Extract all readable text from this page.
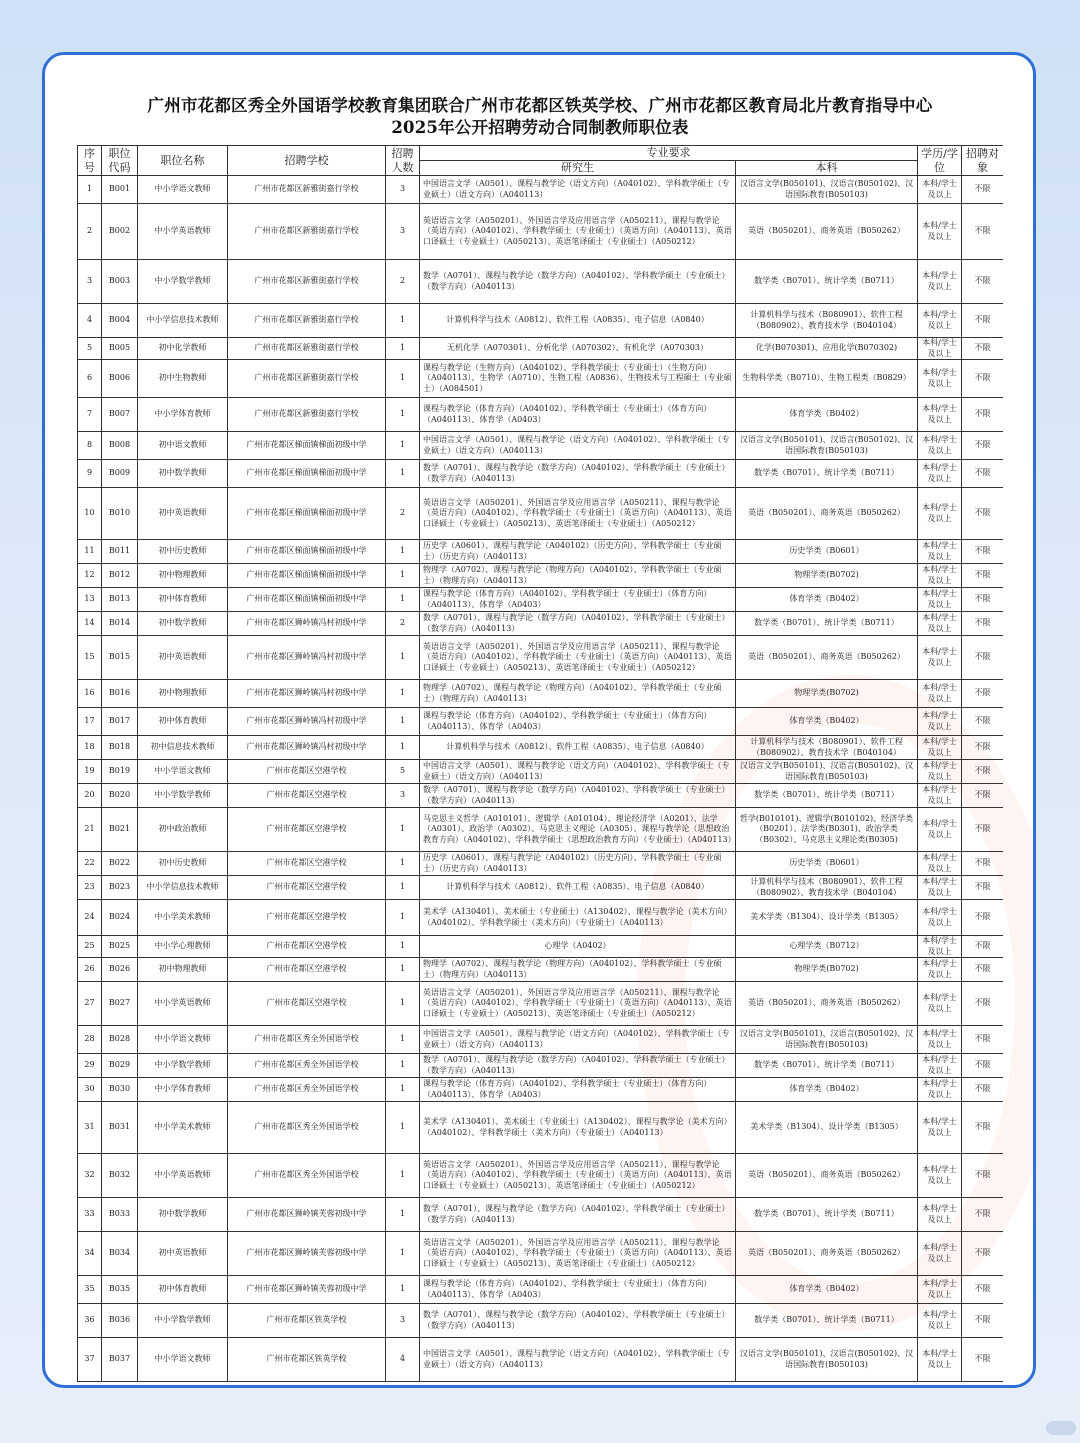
广州市花都区秀全外国语学校教育集团联合广州市花都区铁英学校、广州市花都区教育局北片教育指导中心
2025年公开招聘劳动合同制教师职位表
序号	职位代码	职位名称	招聘学校	招聘人数	专业要求		学历/学位	招聘对象
					研究生	本科		
1	B001	中小学语文教师	广州市花都区新雅街嘉行学校	3	中国语言文学（A0501）、课程与教学论（语文方向）（A040102）、学科教学硕士（专业硕士）（语文方向）（A040113）	汉语言文学(B050101)、汉语言(B050102)、汉语国际教育(B050103)	本科/学士及以上	不限
2	B002	中小学英语教师	广州市花都区新雅街嘉行学校	3	英语语言文学（A050201）、外国语言学及应用语言学（A050211）、课程与教学论（英语方向）（A040102）、学科教学硕士（专业硕士）（英语方向）（A040113）、英语口译硕士（专业硕士）（A050213）、英语笔译硕士（专业硕士）（A050212）	英语（B050201）、商务英语（B050262）	本科/学士及以上	不限
3	B003	中小学数学教师	广州市花都区新雅街嘉行学校	2	数学（A0701）、课程与教学论（数学方向）（A040102）、学科教学硕士（专业硕士）（数学方向）（A040113）	数学类（B0701）、统计学类（B0711）	本科/学士及以上	不限
4	B004	中小学信息技术教师	广州市花都区新雅街嘉行学校	1	计算机科学与技术（A0812）、软件工程（A0835）、电子信息（A0840）	计算机科学与技术（B080901）、软件工程（B080902）、教育技术学（B040104）	本科/学士及以上	不限
5	B005	初中化学教师	广州市花都区新雅街嘉行学校	1	无机化学（A070301）、分析化学（A070302）、有机化学（A070303）	化学(B070301)、应用化学(B070302)	本科/学士及以上	不限
6	B006	初中生物教师	广州市花都区新雅街嘉行学校	1	课程与教学论（生物方向）（A040102）、学科教学硕士（专业硕士）（生物方向）（A040113）、生物学（A0710）、生物工程（A0836）、生物技术与工程硕士（专业硕士）（A084501）	生物科学类（B0710）、生物工程类（B0829）	本科/学士及以上	不限
7	B007	中小学体育教师	广州市花都区新雅街嘉行学校	1	课程与教学论（体育方向）（A040102）、学科教学硕士（专业硕士）（体育方向）（A040113）、体育学（A0403）	体育学类（B0402）	本科/学士及以上	不限
8	B008	初中语文教师	广州市花都区梯面镇梯面初级中学	1	中国语言文学（A0501）、课程与教学论（语文方向）（A040102）、学科教学硕士（专业硕士）（语文方向）（A040113）	汉语言文学(B050101)、汉语言(B050102)、汉语国际教育(B050103)	本科/学士及以上	不限
9	B009	初中数学教师	广州市花都区梯面镇梯面初级中学	1	数学（A0701）、课程与教学论（数学方向）（A040102）、学科教学硕士（专业硕士）（数学方向）（A040113）	数学类（B0701）、统计学类（B0711）	本科/学士及以上	不限
10	B010	初中英语教师	广州市花都区梯面镇梯面初级中学	2	英语语言文学（A050201）、外国语言学及应用语言学（A050211）、课程与教学论（英语方向）（A040102）、学科教学硕士（专业硕士）（英语方向）（A040113）、英语口译硕士（专业硕士）（A050213）、英语笔译硕士（专业硕士）（A050212）	英语（B050201）、商务英语（B050262）	本科/学士及以上	不限
11	B011	初中历史教师	广州市花都区梯面镇梯面初级中学	1	历史学（A0601）、课程与教学论（A040102）（历史方向）、学科教学硕士（专业硕士）（历史方向）（A040113）	历史学类（B0601）	本科/学士及以上	不限
12	B012	初中物理教师	广州市花都区梯面镇梯面初级中学	1	物理学（A0702）、课程与教学论（物理方向）（A040102）、学科教学硕士（专业硕士）（物理方向）（A040113）	物理学类(B0702)	本科/学士及以上	不限
13	B013	初中体育教师	广州市花都区梯面镇梯面初级中学	1	课程与教学论（体育方向）（A040102）、学科教学硕士（专业硕士）（体育方向）（A040113）、体育学（A0403）	体育学类（B0402）	本科/学士及以上	不限
14	B014	初中数学教师	广州市花都区狮岭镇冯村初级中学	2	数学（A0701）、课程与教学论（数学方向）（A040102）、学科教学硕士（专业硕士）（数学方向）（A040113）	数学类（B0701）、统计学类（B0711）	本科/学士及以上	不限
15	B015	初中英语教师	广州市花都区狮岭镇冯村初级中学	1	英语语言文学（A050201）、外国语言学及应用语言学（A050211）、课程与教学论（英语方向）（A040102）、学科教学硕士（专业硕士）（英语方向）（A040113）、英语口译硕士（专业硕士）（A050213）、英语笔译硕士（专业硕士）（A050212）	英语（B050201）、商务英语（B050262）	本科/学士及以上	不限
16	B016	初中物理教师	广州市花都区狮岭镇冯村初级中学	1	物理学（A0702）、课程与教学论（物理方向）（A040102）、学科教学硕士（专业硕士）（物理方向）（A040113）	物理学类(B0702)	本科/学士及以上	不限
17	B017	初中体育教师	广州市花都区狮岭镇冯村初级中学	1	课程与教学论（体育方向）（A040102）、学科教学硕士（专业硕士）（体育方向）（A040113）、体育学（A0403）	体育学类（B0402）	本科/学士及以上	不限
18	B018	初中信息技术教师	广州市花都区狮岭镇冯村初级中学	1	计算机科学与技术（A0812）、软件工程（A0835）、电子信息（A0840）	计算机科学与技术（B080901）、软件工程（B080902）、教育技术学（B040104）	本科/学士及以上	不限
19	B019	中小学语文教师	广州市花都区空港学校	5	中国语言文学（A0501）、课程与教学论（语文方向）（A040102）、学科教学硕士（专业硕士）（语文方向）（A040113）	汉语言文学(B050101)、汉语言(B050102)、汉语国际教育(B050103)	本科/学士及以上	不限
20	B020	中小学数学教师	广州市花都区空港学校	3	数学（A0701）、课程与教学论（数学方向）（A040102）、学科教学硕士（专业硕士）（数学方向）（A040113）	数学类（B0701）、统计学类（B0711）	本科/学士及以上	不限
21	B021	初中政治教师	广州市花都区空港学校	1	马克思主义哲学（A010101）、逻辑学（A010104）、理论经济学（A0201）、法学（A0301）、政治学（A0302）、马克思主义理论（A0305）、课程与教学论（思想政治教育方向）（A040102）、学科教学硕士（思想政治教育方向）（专业硕士）（A040113）	哲学(B010101)、逻辑学(B010102)、经济学类（B0201）、法学类(B0301)、政治学类（B0302）、马克思主义理论类(B0305)	本科/学士及以上	不限
22	B022	初中历史教师	广州市花都区空港学校	1	历史学（A0601）、课程与教学论（A040102）（历史方向）、学科教学硕士（专业硕士）（历史方向）（A040113）	历史学类（B0601）	本科/学士及以上	不限
23	B023	中小学信息技术教师	广州市花都区空港学校	1	计算机科学与技术（A0812）、软件工程（A0835）、电子信息（A0840）	计算机科学与技术（B080901）、软件工程（B080902）、教育技术学（B040104）	本科/学士及以上	不限
24	B024	中小学美术教师	广州市花都区空港学校	1	美术学（A130401）、美术硕士（专业硕士）（A130402）、课程与教学论（美术方向）（A040102）、学科教学硕士（美术方向）（专业硕士）（A040113）	美术学类（B1304）、设计学类（B1305）	本科/学士及以上	不限
25	B025	中小学心理教师	广州市花都区空港学校	1	心理学（A0402）	心理学类（B0712）	本科/学士及以上	不限
26	B026	初中物理教师	广州市花都区空港学校	1	物理学（A0702）、课程与教学论（物理方向）（A040102）、学科教学硕士（专业硕士）（物理方向）（A040113）	物理学类(B0702)	本科/学士及以上	不限
27	B027	中小学英语教师	广州市花都区空港学校	1	英语语言文学（A050201）、外国语言学及应用语言学（A050211）、课程与教学论（英语方向）（A040102）、学科教学硕士（专业硕士）（英语方向）（A040113）、英语口译硕士（专业硕士）（A050213）、英语笔译硕士（专业硕士）（A050212）	英语（B050201）、商务英语（B050262）	本科/学士及以上	不限
28	B028	中小学语文教师	广州市花都区秀全外国语学校	1	中国语言文学（A0501）、课程与教学论（语文方向）（A040102）、学科教学硕士（专业硕士）（语文方向）（A040113）	汉语言文学(B050101)、汉语言(B050102)、汉语国际教育(B050103)	本科/学士及以上	不限
29	B029	中小学数学教师	广州市花都区秀全外国语学校	1	数学（A0701）、课程与教学论（数学方向）（A040102）、学科教学硕士（专业硕士）（数学方向）（A040113）	数学类（B0701）、统计学类（B0711）	本科/学士及以上	不限
30	B030	中小学体育教师	广州市花都区秀全外国语学校	1	课程与教学论（体育方向）（A040102）、学科教学硕士（专业硕士）（体育方向）（A040113）、体育学（A0403）	体育学类（B0402）	本科/学士及以上	不限
31	B031	中小学美术教师	广州市花都区秀全外国语学校	1	美术学（A130401）、美术硕士（专业硕士）（A130402）、课程与教学论（美术方向）（A040102）、学科教学硕士（美术方向）（专业硕士）（A040113）	美术学类（B1304）、设计学类（B1305）	本科/学士及以上	不限
32	B032	中小学英语教师	广州市花都区秀全外国语学校	1	英语语言文学（A050201）、外国语言学及应用语言学（A050211）、课程与教学论（英语方向）（A040102）、学科教学硕士（专业硕士）（英语方向）（A040113）、英语口译硕士（专业硕士）（A050213）、英语笔译硕士（专业硕士）（A050212）	英语（B050201）、商务英语（B050262）	本科/学士及以上	不限
33	B033	初中数学教师	广州市花都区狮岭镇芙蓉初级中学	1	数学（A0701）、课程与教学论（数学方向）（A040102）、学科教学硕士（专业硕士）（数学方向）（A040113）	数学类（B0701）、统计学类（B0711）	本科/学士及以上	不限
34	B034	初中英语教师	广州市花都区狮岭镇芙蓉初级中学	1	英语语言文学（A050201）、外国语言学及应用语言学（A050211）、课程与教学论（英语方向）（A040102）、学科教学硕士（专业硕士）（英语方向）（A040113）、英语口译硕士（专业硕士）（A050213）、英语笔译硕士（专业硕士）（A050212）	英语（B050201）、商务英语（B050262）	本科/学士及以上	不限
35	B035	初中体育教师	广州市花都区狮岭镇芙蓉初级中学	1	课程与教学论（体育方向）（A040102）、学科教学硕士（专业硕士）（体育方向）（A040113）、体育学（A0403）	体育学类（B0402）	本科/学士及以上	不限
36	B036	中小学数学教师	广州市花都区铁英学校	3	数学（A0701）、课程与教学论（数学方向）（A040102）、学科教学硕士（专业硕士）（数学方向）（A040113）	数学类（B0701）、统计学类（B0711）	本科/学士及以上	不限
37	B037	中小学语文教师	广州市花都区铁英学校	4	中国语言文学（A0501）、课程与教学论（语文方向）（A040102）、学科教学硕士（专业硕士）（语文方向）（A040113）	汉语言文学(B050101)、汉语言(B050102)、汉语国际教育(B050103)	本科/学士及以上	不限
